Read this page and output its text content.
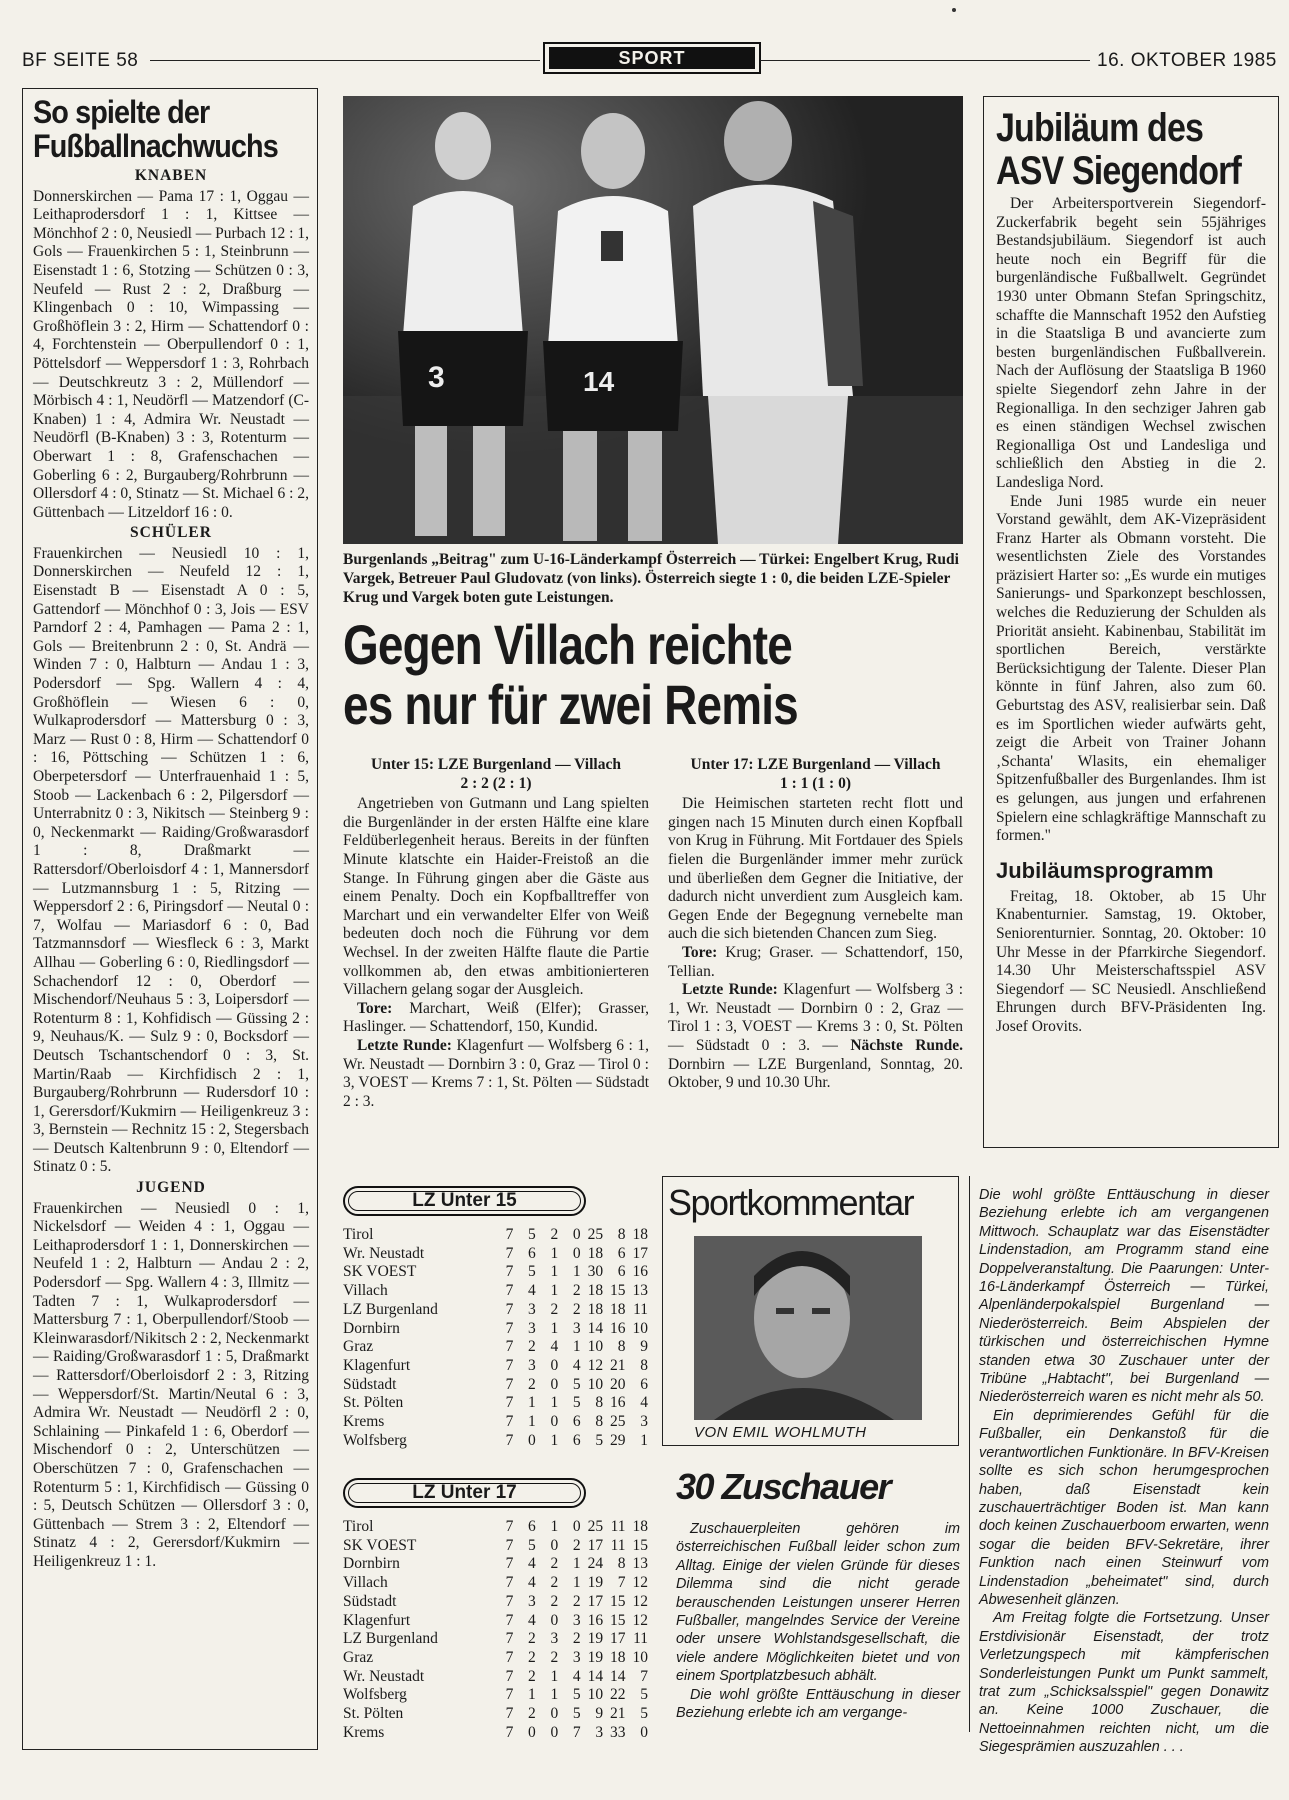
BF SEITE 58	SPORT	16. OKTOBER 1985
So spielte der Fußballnachwuchs
KNABEN
Donnerskirchen — Pama 17 : 1, Oggau — Leithaprodersdorf 1 : 1, Kittsee — Mönchhof 2 : 0, Neusiedl — Purbach 12 : 1, Gols — Frauenkirchen 5 : 1, Steinbrunn — Eisenstadt 1 : 6, Stotzing — Schützen 0 : 3, Neufeld — Rust 2 : 2, Draßburg — Klingenbach 0 : 10, Wimpassing — Großhöflein 3 : 2, Hirm — Schattendorf 0 : 4, Forchtenstein — Oberpullendorf 0 : 1, Pöttelsdorf — Weppersdorf 1 : 3, Rohrbach — Deutschkreutz 3 : 2, Müllendorf — Mörbisch 4 : 1, Neudörfl — Matzendorf (C-Knaben) 1 : 4, Admira Wr. Neustadt — Neudörfl (B-Knaben) 3 : 3, Rotenturm — Oberwart 1 : 8, Grafenschachen — Goberling 6 : 2, Burgauberg/Rohrbrunn — Ollersdorf 4 : 0, Stinatz — St. Michael 6 : 2, Güttenbach — Litzeldorf 16 : 0.
SCHÜLER
Frauenkirchen — Neusiedl 10 : 1, Donnerskirchen — Neufeld 12 : 1, Eisenstadt B — Eisenstadt A 0 : 5, Gattendorf — Mönchhof 0 : 3, Jois — ESV Parndorf 2 : 4, Pamhagen — Pama 2 : 1, Gols — Breitenbrunn 2 : 0, St. Andrä — Winden 7 : 0, Halbturn — Andau 1 : 3, Podersdorf — Spg. Wallern 4 : 4, Großhöflein — Wiesen 6 : 0, Wulkaprodersdorf — Mattersburg 0 : 3, Marz — Rust 0 : 8, Hirm — Schattendorf 0 : 16, Pöttsching — Schützen 1 : 6, Oberpetersdorf — Unterfrauenhaid 1 : 5, Stoob — Lackenbach 6 : 2, Pilgersdorf — Unterrabnitz 0 : 3, Nikitsch — Steinberg 9 : 0, Neckenmarkt — Raiding/Großwarasdorf 1 : 8, Draßmarkt — Rattersdorf/Oberloisdorf 4 : 1, Mannersdorf — Lutzmannsburg 1 : 5, Ritzing — Weppersdorf 2 : 6, Piringsdorf — Neutal 0 : 7, Wolfau — Mariasdorf 6 : 0, Bad Tatzmannsdorf — Wiesfleck 6 : 3, Markt Allhau — Goberling 6 : 0, Riedlingsdorf — Schachendorf 12 : 0, Oberdorf — Mischendorf/Neuhaus 5 : 3, Loipersdorf — Rotenturm 8 : 1, Kohfidisch — Güssing 2 : 9, Neuhaus/K. — Sulz 9 : 0, Bocksdorf — Deutsch Tschantschendorf 0 : 3, St. Martin/Raab — Kirchfidisch 2 : 1, Burgauberg/Rohrbrunn — Rudersdorf 10 : 1, Gerersdorf/Kukmirn — Heiligenkreuz 3 : 3, Bernstein — Rechnitz 15 : 2, Stegersbach — Deutsch Kaltenbrunn 9 : 0, Eltendorf — Stinatz 0 : 5.
JUGEND
Frauenkirchen — Neusiedl 0 : 1, Nickelsdorf — Weiden 4 : 1, Oggau — Leithaprodersdorf 1 : 1, Donnerskirchen — Neufeld 1 : 2, Halbturn — Andau 2 : 2, Podersdorf — Spg. Wallern 4 : 3, Illmitz — Tadten 7 : 1, Wulkaprodersdorf — Mattersburg 7 : 1, Oberpullendorf/Stoob — Kleinwarasdorf/Nikitsch 2 : 2, Neckenmarkt — Raiding/Großwarasdorf 1 : 5, Draßmarkt — Rattersdorf/Oberloisdorf 2 : 3, Ritzing — Weppersdorf/St. Martin/Neutal 6 : 3, Admira Wr. Neustadt — Neudörfl 2 : 0, Schlaining — Pinkafeld 1 : 6, Oberdorf — Mischendorf 0 : 2, Unterschützen — Oberschützen 7 : 0, Grafenschachen — Rotenturm 5 : 1, Kirchfidisch — Güssing 0 : 5, Deutsch Schützen — Ollersdorf 3 : 0, Güttenbach — Strem 3 : 2, Eltendorf — Stinatz 4 : 2, Gerersdorf/Kukmirn — Heiligenkreuz 1 : 1.
3	14
Burgenlands „Beitrag" zum U-16-Länderkampf Österreich — Türkei: Engelbert Krug, Rudi Vargek, Betreuer Paul Gludovatz (von links). Österreich siegte 1 : 0, die beiden LZE-Spieler Krug und Vargek boten gute Leistungen.
Gegen Villach reichte
es nur für zwei Remis
Unter 15: LZE Burgenland — Villach
2 : 2 (2 : 1)

Angetrieben von Gutmann und Lang spielten die Burgenländer in der ersten Hälfte eine klare Feldüberlegenheit heraus. Bereits in der fünften Minute klatschte ein Haider-Freistoß an die Stange. In Führung gingen aber die Gäste aus einem Penalty. Doch ein Kopfballtreffer von Marchart und ein verwandelter Elfer von Weiß bedeuten doch noch die Führung vor dem Wechsel. In der zweiten Hälfte flaute die Partie vollkommen ab, den etwas ambitionierteren Villachern gelang sogar der Ausgleich.

Tore: Marchart, Weiß (Elfer); Grasser, Haslinger. — Schattendorf, 150, Kundid.

Letzte Runde: Klagenfurt — Wolfsberg 6 : 1, Wr. Neustadt — Dornbirn 3 : 0, Graz — Tirol 0 : 3, VOEST — Krems 7 : 1, St. Pölten — Südstadt 2 : 3.

Unter 17: LZE Burgenland — Villach
1 : 1 (1 : 0)

Die Heimischen starteten recht flott und gingen nach 15 Minuten durch einen Kopfball von Krug in Führung. Mit Fortdauer des Spiels fielen die Burgenländer immer mehr zurück und überließen dem Gegner die Initiative, der dadurch nicht unverdient zum Ausgleich kam. Gegen Ende der Begegnung vernebelte man auch die sich bietenden Chancen zum Sieg.

Tore: Krug; Graser. — Schattendorf, 150, Tellian.

Letzte Runde: Klagenfurt — Wolfsberg 3 : 1, Wr. Neustadt — Dornbirn 0 : 2, Graz — Tirol 1 : 3, VOEST — Krems 3 : 0, St. Pölten — Südstadt 0 : 3. — Nächste Runde. Dornbirn — LZE Burgenland, Sonntag, 20. Oktober, 9 und 10.30 Uhr.

LZ Unter 15
Tirol	7	5	2	0	25	8	18
Wr. Neustadt	7	6	1	0	18	6	17
SK VOEST	7	5	1	1	30	6	16
Villach	7	4	1	2	18	15	13
LZ Burgenland	7	3	2	2	18	18	11
Dornbirn	7	3	1	3	14	16	10
Graz	7	2	4	1	10	8	9
Klagenfurt	7	3	0	4	12	21	8
Südstadt	7	2	0	5	10	20	6
St. Pölten	7	1	1	5	8	16	4
Krems	7	1	0	6	8	25	3
Wolfsberg	7	0	1	6	5	29	1
LZ Unter 17
Tirol	7	6	1	0	25	11	18
SK VOEST	7	5	0	2	17	11	15
Dornbirn	7	4	2	1	24	8	13
Villach	7	4	2	1	19	7	12
Südstadt	7	3	2	2	17	15	12
Klagenfurt	7	4	0	3	16	15	12
LZ Burgenland	7	2	3	2	19	17	11
Graz	7	2	2	3	19	18	10
Wr. Neustadt	7	2	1	4	14	14	7
Wolfsberg	7	1	1	5	10	22	5
St. Pölten	7	2	0	5	9	21	5
Krems	7	0	0	7	3	33	0
Jubiläum des
ASV Siegendorf

Der Arbeitersportverein Siegendorf-Zuckerfabrik begeht sein 55jähriges Bestandsjubiläum. Siegendorf ist auch heute noch ein Begriff für die burgenländische Fußballwelt. Gegründet 1930 unter Obmann Stefan Springschitz, schaffte die Mannschaft 1952 den Aufstieg in die Staatsliga B und avancierte zum besten burgenländischen Fußballverein. Nach der Auflösung der Staatsliga B 1960 spielte Siegendorf zehn Jahre in der Regionalliga. In den sechziger Jahren gab es einen ständigen Wechsel zwischen Regionalliga Ost und Landesliga und schließlich den Abstieg in die 2. Landesliga Nord.

Ende Juni 1985 wurde ein neuer Vorstand gewählt, dem AK-Vizepräsident Franz Harter als Obmann vorsteht. Die wesentlichsten Ziele des Vorstandes präzisiert Harter so: „Es wurde ein mutiges Sanierungs- und Sparkonzept beschlossen, welches die Reduzierung der Schulden als Priorität ansieht. Kabinenbau, Stabilität im sportlichen Bereich, verstärkte Berücksichtigung der Talente. Dieser Plan könnte in fünf Jahren, also zum 60. Geburtstag des ASV, realisierbar sein. Daß es im Sportlichen wieder aufwärts geht, zeigt die Arbeit von Trainer Johann ‚Schanta' Wlasits, ein ehemaliger Spitzenfußballer des Burgenlandes. Ihm ist es gelungen, aus jungen und erfahrenen Spielern eine schlagkräftige Mannschaft zu formen."

Jubiläumsprogramm

Freitag, 18. Oktober, ab 15 Uhr Knabenturnier. Samstag, 19. Oktober, Seniorenturnier. Sonntag, 20. Oktober: 10 Uhr Messe in der Pfarrkirche Siegendorf. 14.30 Uhr Meisterschaftsspiel ASV Siegendorf — SC Neusiedl. Anschließend Ehrungen durch BFV-Präsidenten Ing. Josef Orovits.

Sportkommentar
VON EMIL WOHLMUTH
30 Zuschauer

Zuschauerpleiten gehören im österreichischen Fußball leider schon zum Alltag. Einige der vielen Gründe für dieses Dilemma sind die nicht gerade berauschenden Leistungen unserer Herren Fußballer, mangelndes Service der Vereine oder unsere Wohlstandsgesellschaft, die viele andere Möglichkeiten bietet und von einem Sportplatzbesuch abhält.

Die wohl größte Enttäuschung in dieser Beziehung erlebte ich am vergange-

Die wohl größte Enttäuschung in dieser Beziehung erlebte ich am vergangenen Mittwoch. Schauplatz war das Eisenstädter Lindenstadion, am Programm stand eine Doppelveranstaltung. Die Paarungen: Unter-16-Länderkampf Österreich — Türkei, Alpenländerpokalspiel Burgenland — Niederösterreich. Beim Abspielen der türkischen und österreichischen Hymne standen etwa 30 Zuschauer unter der Tribüne „Habtacht", bei Burgenland — Niederösterreich waren es nicht mehr als 50.

Ein deprimierendes Gefühl für die Fußballer, ein Denkanstoß für die verantwortlichen Funktionäre. In BFV-Kreisen sollte es sich schon herumgesprochen haben, daß Eisenstadt kein zuschauerträchtiger Boden ist. Man kann doch keinen Zuschauerboom erwarten, wenn sogar die beiden BFV-Sekretäre, ihrer Funktion nach einen Steinwurf vom Lindenstadion „beheimatet" sind, durch Abwesenheit glänzen.

Am Freitag folgte die Fortsetzung. Unser Erstdivisionär Eisenstadt, der trotz Verletzungspech mit kämpferischen Sonderleistungen Punkt um Punkt sammelt, trat zum „Schicksalsspiel" gegen Donawitz an. Keine 1000 Zuschauer, die Nettoeinnahmen reichten nicht, um die Siegesprämien auszuzahlen . . .
